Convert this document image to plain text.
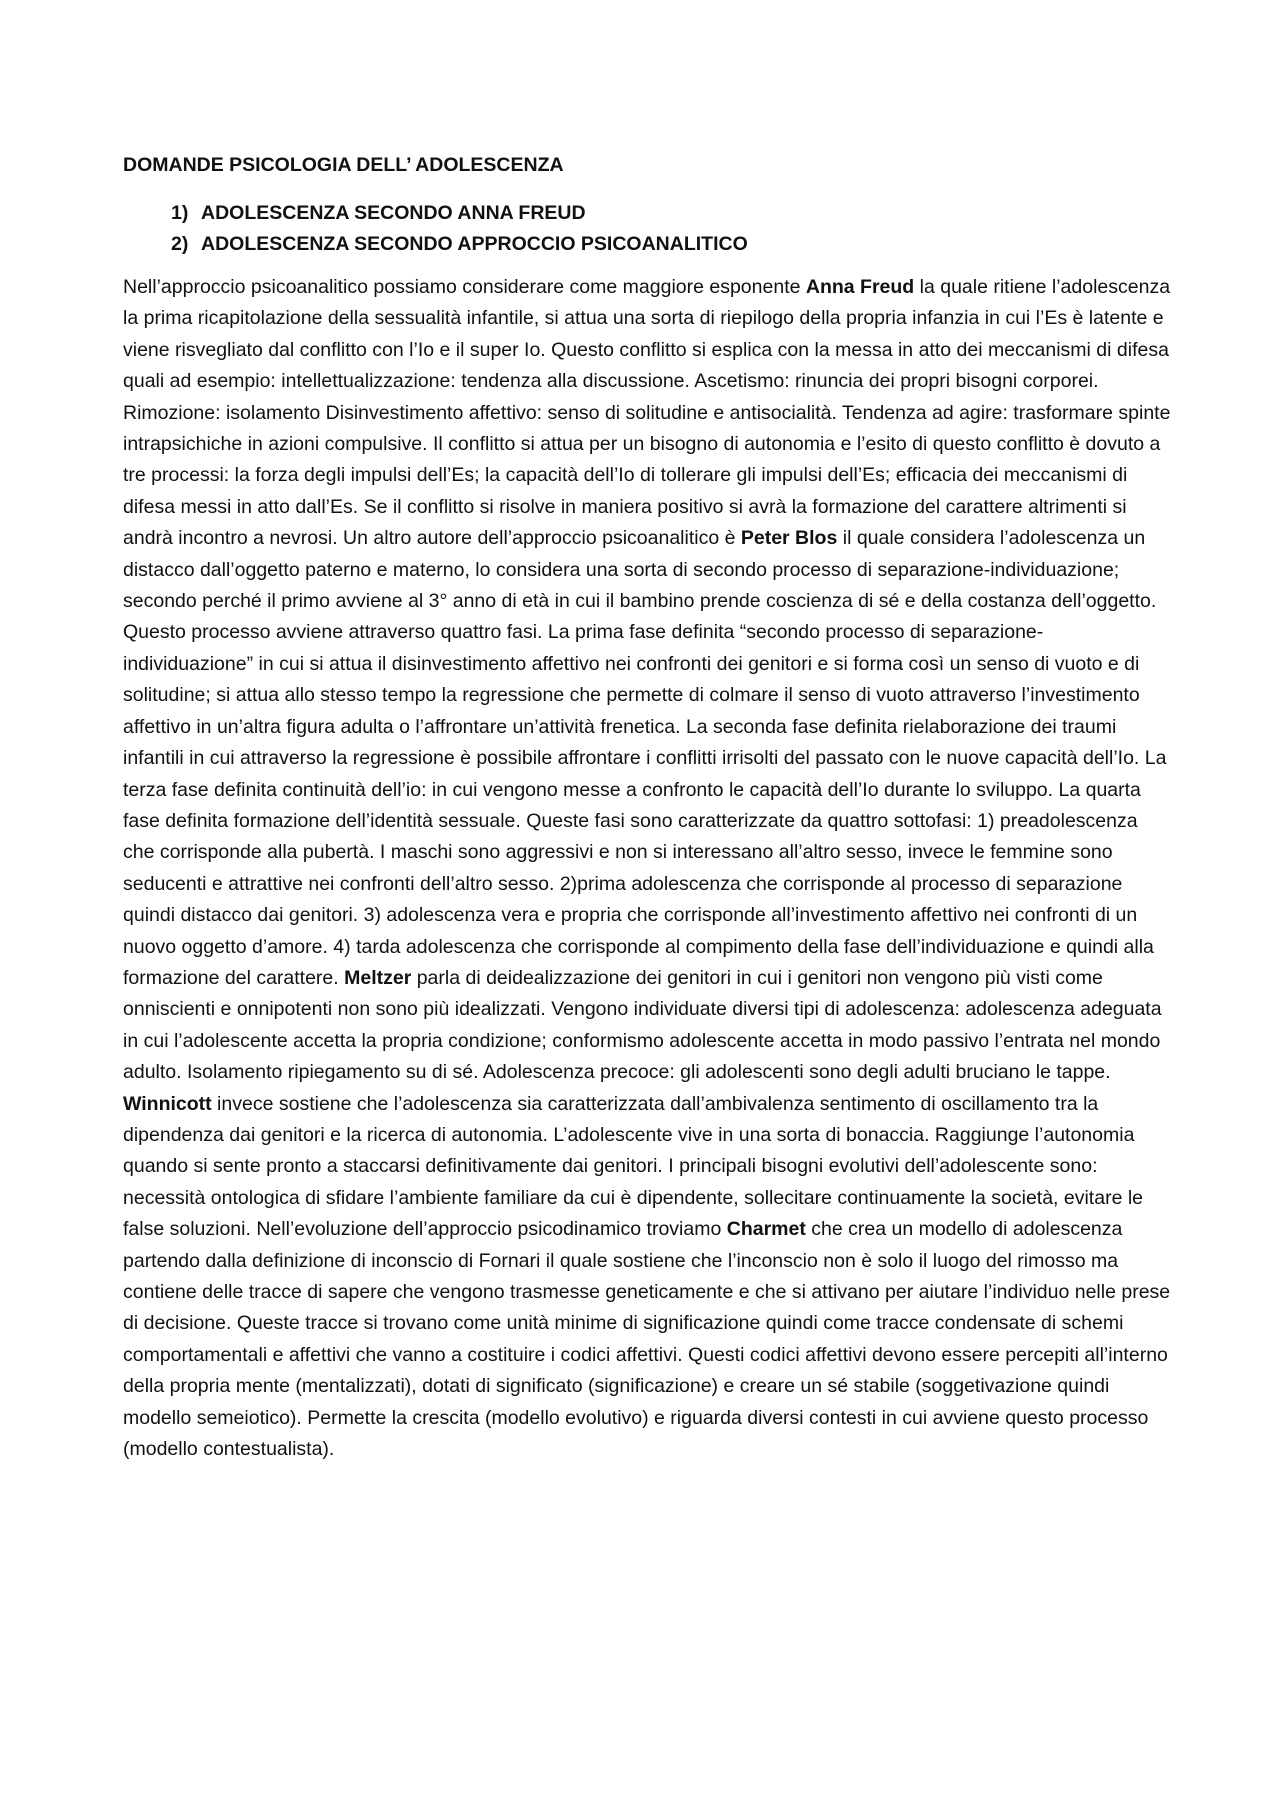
DOMANDE PSICOLOGIA DELL’ ADOLESCENZA
1) ADOLESCENZA SECONDO ANNA FREUD
2) ADOLESCENZA SECONDO APPROCCIO PSICOANALITICO

Nell’approccio psicoanalitico possiamo considerare come maggiore esponente Anna Freud la quale ritiene l’adolescenza la prima ricapitolazione della sessualità infantile, si attua una sorta di riepilogo della propria infanzia in cui l’Es è latente e viene risvegliato dal conflitto con l’Io e il super Io. Questo conflitto si esplica con la messa in atto dei meccanismi di difesa quali ad esempio: intellettualizzazione: tendenza alla discussione. Ascetismo: rinuncia dei propri bisogni corporei. Rimozione: isolamento Disinvestimento affettivo: senso di solitudine e antisocialità. Tendenza ad agire: trasformare spinte intrapsichiche in azioni compulsive. Il conflitto si attua per un bisogno di autonomia e l’esito di questo conflitto è dovuto a tre processi: la forza degli impulsi dell’Es; la capacità dell’Io di tollerare gli impulsi dell’Es; efficacia dei meccanismi di difesa messi in atto dall’Es. Se il conflitto si risolve in maniera positivo si avrà la formazione del carattere altrimenti si andrà incontro a nevrosi. Un altro autore dell’approccio psicoanalitico è Peter Blos il quale considera l’adolescenza un distacco dall’oggetto paterno e materno, lo considera una sorta di secondo processo di separazione-individuazione; secondo perché il primo avviene al 3° anno di età in cui il bambino prende coscienza di sé e della costanza dell’oggetto. Questo processo avviene attraverso quattro fasi. La prima fase definita “secondo processo di separazione-individuazione” in cui si attua il disinvestimento affettivo nei confronti dei genitori e si forma così un senso di vuoto e di solitudine; si attua allo stesso tempo la regressione che permette di colmare il senso di vuoto attraverso l’investimento affettivo in un’altra figura adulta o l’affrontare un’attività frenetica. La seconda fase definita rielaborazione dei traumi infantili in cui attraverso la regressione è possibile affrontare i conflitti irrisolti del passato con le nuove capacità dell’Io. La terza fase definita continuità dell’io: in cui vengono messe a confronto le capacità dell’Io durante lo sviluppo. La quarta fase definita formazione dell’identità sessuale. Queste fasi sono caratterizzate da quattro sottofasi: 1) preadolescenza che corrisponde alla pubertà. I maschi sono aggressivi e non si interessano all’altro sesso, invece le femmine sono seducenti e attrattive nei confronti dell’altro sesso. 2)prima adolescenza che corrisponde al processo di separazione quindi distacco dai genitori. 3) adolescenza vera e propria che corrisponde all’investimento affettivo nei confronti di un nuovo oggetto d’amore. 4) tarda adolescenza che corrisponde al compimento della fase dell’individuazione e quindi alla formazione del carattere. Meltzer parla di deidealizzazione dei genitori in cui i genitori non vengono più visti come onniscienti e onnipotenti non sono più idealizzati. Vengono individuate diversi tipi di adolescenza: adolescenza adeguata in cui l’adolescente accetta la propria condizione; conformismo adolescente accetta in modo passivo l’entrata nel mondo adulto. Isolamento ripiegamento su di sé. Adolescenza precoce: gli adolescenti sono degli adulti bruciano le tappe. Winnicott invece sostiene che l’adolescenza sia caratterizzata dall’ambivalenza sentimento di oscillamento tra la dipendenza dai genitori e la ricerca di autonomia. L’adolescente vive in una sorta di bonaccia. Raggiunge l’autonomia quando si sente pronto a staccarsi definitivamente dai genitori. I principali bisogni evolutivi dell’adolescente sono: necessità ontologica di sfidare l’ambiente familiare da cui è dipendente, sollecitare continuamente la società, evitare le false soluzioni. Nell’evoluzione dell’approccio psicodinamico troviamo Charmet che crea un modello di adolescenza partendo dalla definizione di inconscio di Fornari il quale sostiene che l’inconscio non è solo il luogo del rimosso ma contiene delle tracce di sapere che vengono trasmesse geneticamente e che si attivano per aiutare l’individuo nelle prese di decisione. Queste tracce si trovano come unità minime di significazione quindi come tracce condensate di schemi comportamentali e affettivi che vanno a costituire i codici affettivi. Questi codici affettivi devono essere percepiti all’interno della propria mente (mentalizzati), dotati di significato (significazione) e creare un sé stabile (soggetivazione quindi modello semeiotico). Permette la crescita (modello evolutivo) e riguarda diversi contesti in cui avviene questo processo (modello contestualista).
